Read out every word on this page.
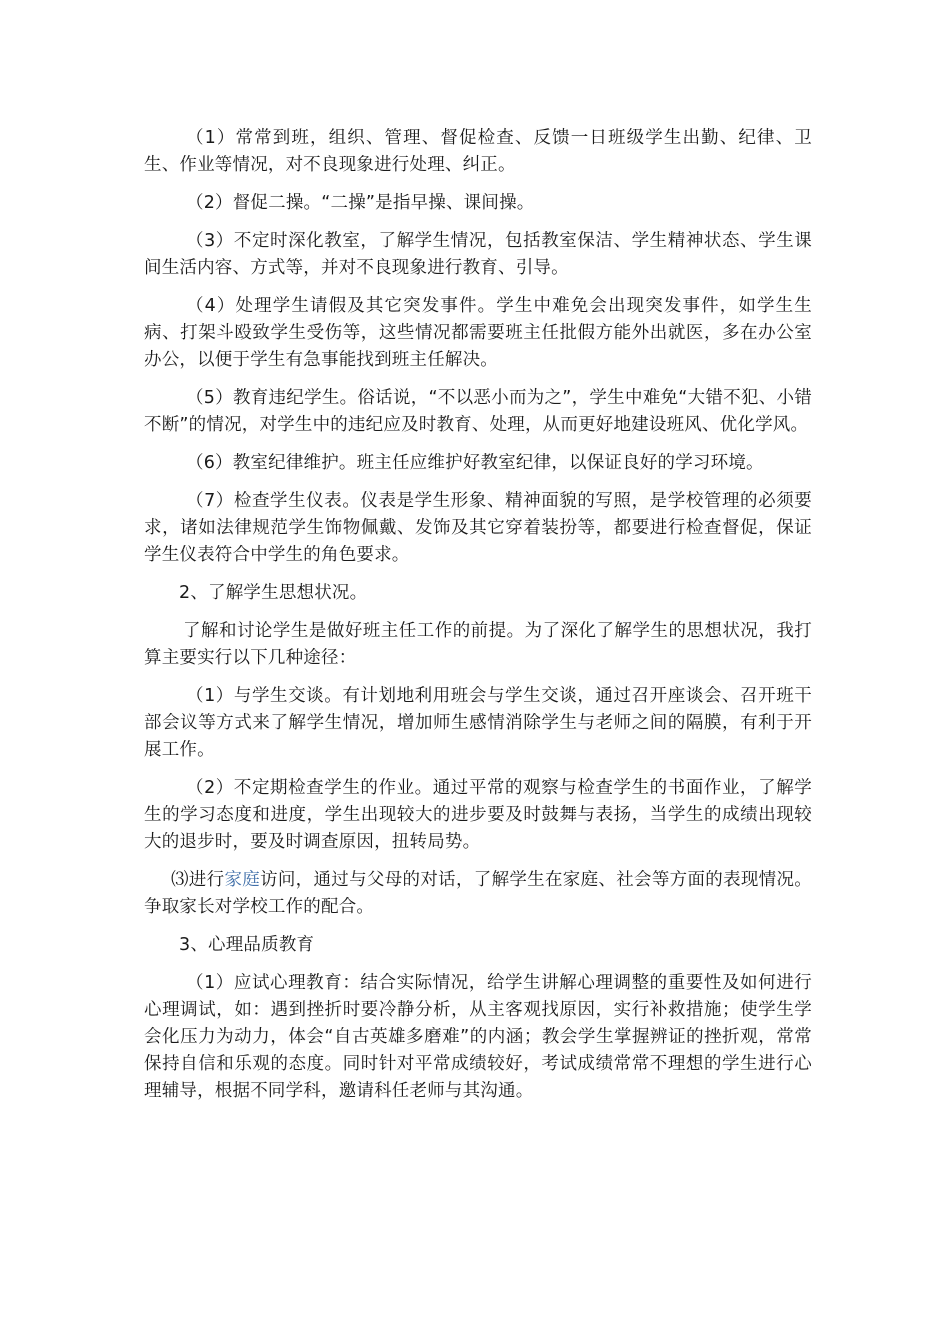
（1）常常到班，组织、管理、督促检查、反馈一日班级学生出勤、纪律、卫生、作业等情况，对不良现象进行处理、纠正。

（2）督促二操。“二操”是指早操、课间操。

（3）不定时深化教室，了解学生情况，包括教室保洁、学生精神状态、学生课间生活内容、方式等，并对不良现象进行教育、引导。

（4）处理学生请假及其它突发事件。学生中难免会出现突发事件，如学生生病、打架斗殴致学生受伤等，这些情况都需要班主任批假方能外出就医，多在办公室办公，以便于学生有急事能找到班主任解决。

（5）教育违纪学生。俗话说，“不以恶小而为之”，学生中难免“大错不犯、小错不断”的情况，对学生中的违纪应及时教育、处理，从而更好地建设班风、优化学风。

（6）教室纪律维护。班主任应维护好教室纪律，以保证良好的学习环境。

（7）检查学生仪表。仪表是学生形象、精神面貌的写照，是学校管理的必须要求，诸如法律规范学生饰物佩戴、发饰及其它穿着装扮等，都要进行检查督促，保证学生仪表符合中学生的角色要求。

2、了解学生思想状况。

了解和讨论学生是做好班主任工作的前提。为了深化了解学生的思想状况，我打算主要实行以下几种途径：

（1）与学生交谈。有计划地利用班会与学生交谈，通过召开座谈会、召开班干部会议等方式来了解学生情况，增加师生感情消除学生与老师之间的隔膜，有利于开展工作。

（2）不定期检查学生的作业。通过平常的观察与检查学生的书面作业，了解学生的学习态度和进度，学生出现较大的进步要及时鼓舞与表扬，当学生的成绩出现较大的退步时，要及时调查原因，扭转局势。

⑶进行家庭访问，通过与父母的对话，了解学生在家庭、社会等方面的表现情况。争取家长对学校工作的配合。

3、心理品质教育

（1）应试心理教育：结合实际情况，给学生讲解心理调整的重要性及如何进行心理调试，如：遇到挫折时要冷静分析，从主客观找原因，实行补救措施；使学生学会化压力为动力，体会“自古英雄多磨难”的内涵；教会学生掌握辨证的挫折观，常常保持自信和乐观的态度。同时针对平常成绩较好，考试成绩常常不理想的学生进行心理辅导，根据不同学科，邀请科任老师与其沟通。
